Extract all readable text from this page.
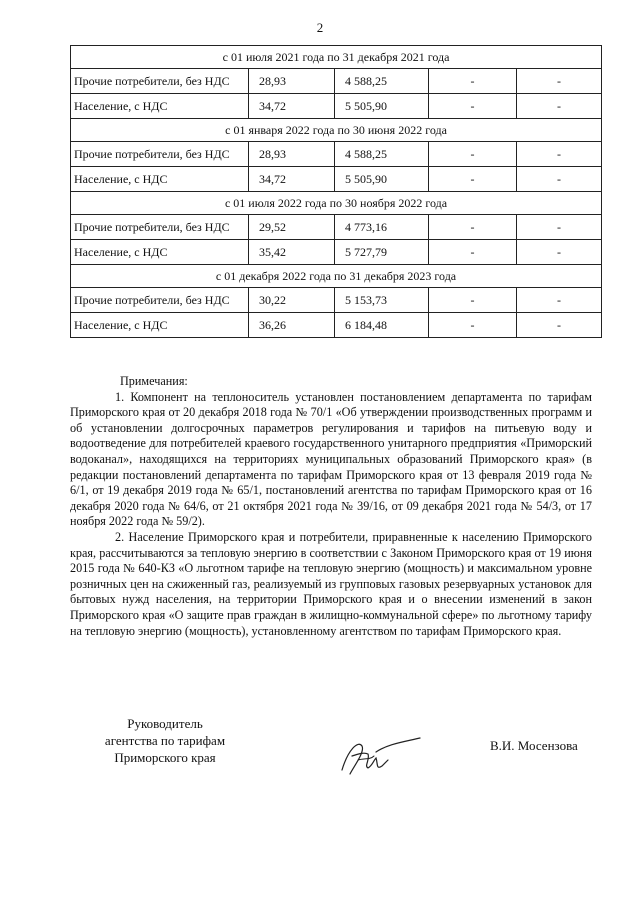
2
с 01 июля 2021 года по 31 декабря 2021 года				
Прочие потребители, без НДС	28,93	4 588,25	-	-
Население, с НДС	34,72	5 505,90	-	-
с 01 января 2022 года по 30 июня 2022 года				
Прочие потребители, без НДС	28,93	4 588,25	-	-
Население, с НДС	34,72	5 505,90	-	-
с 01 июля 2022 года по 30 ноября 2022 года				
Прочие потребители, без НДС	29,52	4 773,16	-	-
Население, с НДС	35,42	5 727,79	-	-
с 01 декабря 2022 года по 31 декабря 2023 года				
Прочие потребители, без НДС	30,22	5 153,73	-	-
Население, с НДС	36,26	6 184,48	-	-

Примечания:

1. Компонент на теплоноситель установлен постановлением департамента по тарифам Приморского края от 20 декабря 2018 года № 70/1 «Об утверждении производственных программ и об установлении долгосрочных параметров регулирования и тарифов на питьевую воду и водоотведение для потребителей краевого государственного унитарного предприятия «Приморский водоканал», находящихся на территориях муниципальных образований Приморского края» (в редакции постановлений департамента по тарифам Приморского края от 13 февраля 2019 года № 6/1, от 19 декабря 2019 года № 65/1, постановлений агентства по тарифам Приморского края от 16 декабря 2020 года № 64/6, от 21 октября 2021 года № 39/16, от 09 декабря 2021 года № 54/3, от 17 ноября 2022 года № 59/2).

2. Население Приморского края и потребители, приравненные к населению Приморского края, рассчитываются за тепловую энергию в соответствии с Законом Приморского края от 19 июня 2015 года № 640-КЗ «О льготном тарифе на тепловую энергию (мощность) и максимальном уровне розничных цен на сжиженный газ, реализуемый из групповых газовых резервуарных установок для бытовых нужд населения, на территории Приморского края и о внесении изменений в закон Приморского края «О защите прав граждан в жилищно-коммунальной сфере» по льготному тарифу на тепловую энергию (мощность), установленному агентством по тарифам Приморского края.

Руководитель
агентства по тарифам
Приморского края
В.И. Мосензова
